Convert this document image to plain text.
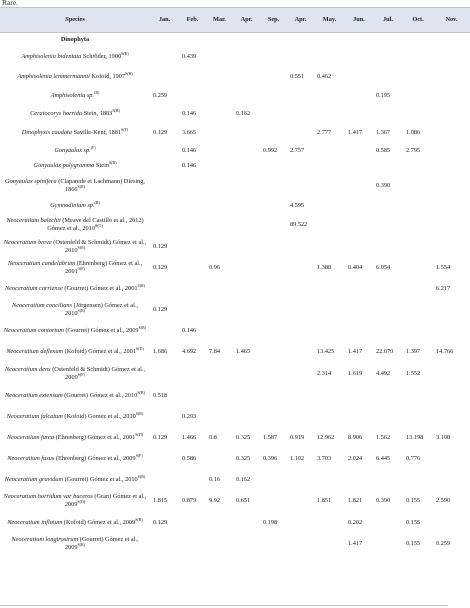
Rare.
Species	Jan.	Feb.	Mar.	Apr.	Sep.	Apr.	May.	Jun.	Jul.	Oct.	Nov.
Dinophyta											
Amphisolenia bidentata Schröder, $1900^{S(R)}$		0.439									
Amphisolenia lemmermannii Kofoid, $1907^{S(R)}$						0.551	0.462				
Amphisolenia sp.$^{(R)}$	0.259								0.195		
Ceratocorys horrida Stein, $1883^{S(R)}$		0.146		0.162							
Dinophysis caudata Saville-Kent, $1881^{S(F)}$	0.129	3.665					2.777	1.417	1.367	1.086	
Gonyaulax sp.$^{(F)}$		0.146			0.992	2.757			0.585	2.795	
Gonyaulax polygramma Stein$^{S(R)}$		0.146									
Gonyaulax spinifera (Claparede et Lachmann) Diesing, $1866^{S(R)}$									0.390		
Gymnodinium sp.$^{(R)}$						4.595					
Neoceratium balechii (Meave del Castillo et al., 2012) Gómez et al., $2010^{S(O)}$						89.522					
Neoceratium breve (Ostenfeld & Schmidt) Gómez et al., $2010^{S(R)}$	0.129										
Neoceratium candelabrum (Ehrenberg) Gómez et al., $2001^{S(F)}$	0.129		0.96				1.388	0.404	6.054		1.554
Neoceratium carriense (Gourret) Gómez et al., $2001^{S(R)}$											6.217
Neoceratium concilians (Jörgensen) Gómez et al., $2010^{S(R)}$	0.129										
Neoceratium contortum (Gourret) Gómez et al., $2009^{S(R)}$		0.146									
Neoceratium deflexum (Kofoid) Gómez et al., $2001^{S(D)}$	1.686	4.692	7.84	1.465			13.425	1.417	22.070	1.397	14.766
Neoceratium dens (Ostenfeld & Schmidt) Gómez et al., $2009^{S(F)}$							2.314	1.619	4.492	1.552	
Neoceratium extensum (Gourret) Gómez et al., $2010^{S(R)}$	0.518										
Neoceratium falcatum (Kofoid) Gomez et al., $2010^{S(R)}$		0.293									
Neoceratium furca (Ehrenberg) Gómez et al., $2001^{S(D)}$	0.129	1.466	0.8	0.325	1.587	0.919	12.962	8.906	1.562	13.198	3.108
Neoceratium fusus (Ehrenberg) Gómez et al., $2009^{S(F)}$		0.586		0.325	0.396	1.102	3.703	2.024	6.445	0.776	
Neoceratium gravidum (Gourret) Gómez et al., $2010^{S(R)}$			0.16	0.162							
Neoceratium horridum var buceros (Gran) Gómez et al., $2009^{S(D)}$	1.815	0.879	9.92	0.651			1.851	1.821	0.390	0.155	2.590
Neoceratium inflatum (Kofoid) Gómez et al., $2009^{S(R)}$	0.129				0.198			0.202		0.155	
Neoceratium longirostrum (Gourret) Gómez et al., $2009^{S(R)}$								1.417		0.155	0.259
